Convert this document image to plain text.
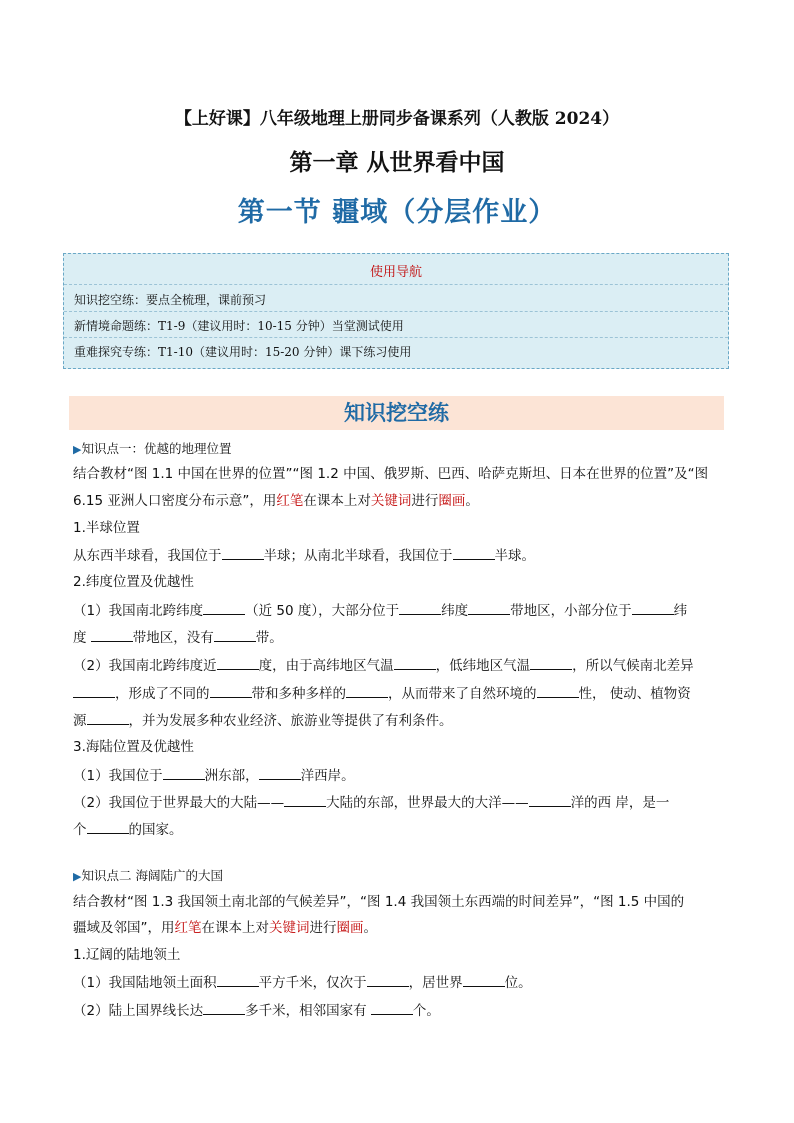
【上好课】八年级地理上册同步备课系列（人教版 2024）
第一章 从世界看中国
第一节 疆域（分层作业）
使用导航
知识挖空练：要点全梳理，课前预习
新情境命题练：T1-9（建议用时：10-15 分钟）当堂测试使用
重难探究专练：T1-10（建议用时：15-20 分钟）课下练习使用
知识挖空练
▶知识点一：优越的地理位置
结合教材“图 1.1 中国在世界的位置”“图 1.2 中国、俄罗斯、巴西、哈萨克斯坦、日本在世界的位置”及“图
6.15 亚洲人口密度分布示意”，用红笔在课本上对关键词进行圈画。
1.半球位置
从东西半球看，我国位于	半球；从南北半球看，我国位于	半球。
2.纬度位置及优越性
（1）我国南北跨纬度	（近 50 度），大部分位于	纬度	带地区，小部分位于	纬
度	带地区，没有	带。
（2）我国南北跨纬度近	度，由于高纬地区气温	，低纬地区气温	，所以气候南北差异
，形成了不同的	带和多种多样的	，从而带来了自然环境的	性， 使动、植物资
源	，并为发展多种农业经济、旅游业等提供了有利条件。
3.海陆位置及优越性
（1）我国位于	洲东部，	洋西岸。
（2）我国位于世界最大的大陆——	大陆的东部，世界最大的大洋——	洋的西 岸，是一
个	的国家。
▶知识点二 海阔陆广的大国
结合教材“图 1.3 我国领土南北部的气候差异”，“图 1.4 我国领土东西端的时间差异”，“图 1.5 中国的
疆域及邻国”，用红笔在课本上对关键词进行圈画。
1.辽阔的陆地领土
（1）我国陆地领土面积	平方千米，仅次于	，居世界	位。
（2）陆上国界线长达	多千米，相邻国家有	个。
